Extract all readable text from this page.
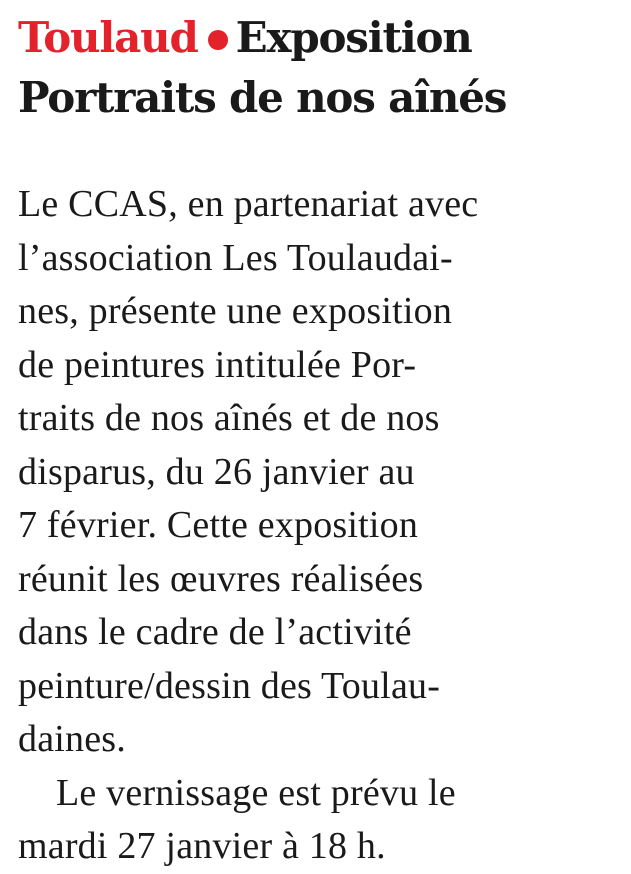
Toulaud Exposition
Portraits de nos aînés

Le CCAS, en partenariat avec
l’association Les Toulaudai-
nes, présente une exposition
de peintures intitulée Por-
traits de nos aînés et de nos
disparus, du 26 janvier au
7 février. Cette exposition
réunit les œuvres réalisées
dans le cadre de l’activité
peinture/dessin des Toulau-
daines.

Le vernissage est prévu le
mardi 27 janvier à 18 h.
